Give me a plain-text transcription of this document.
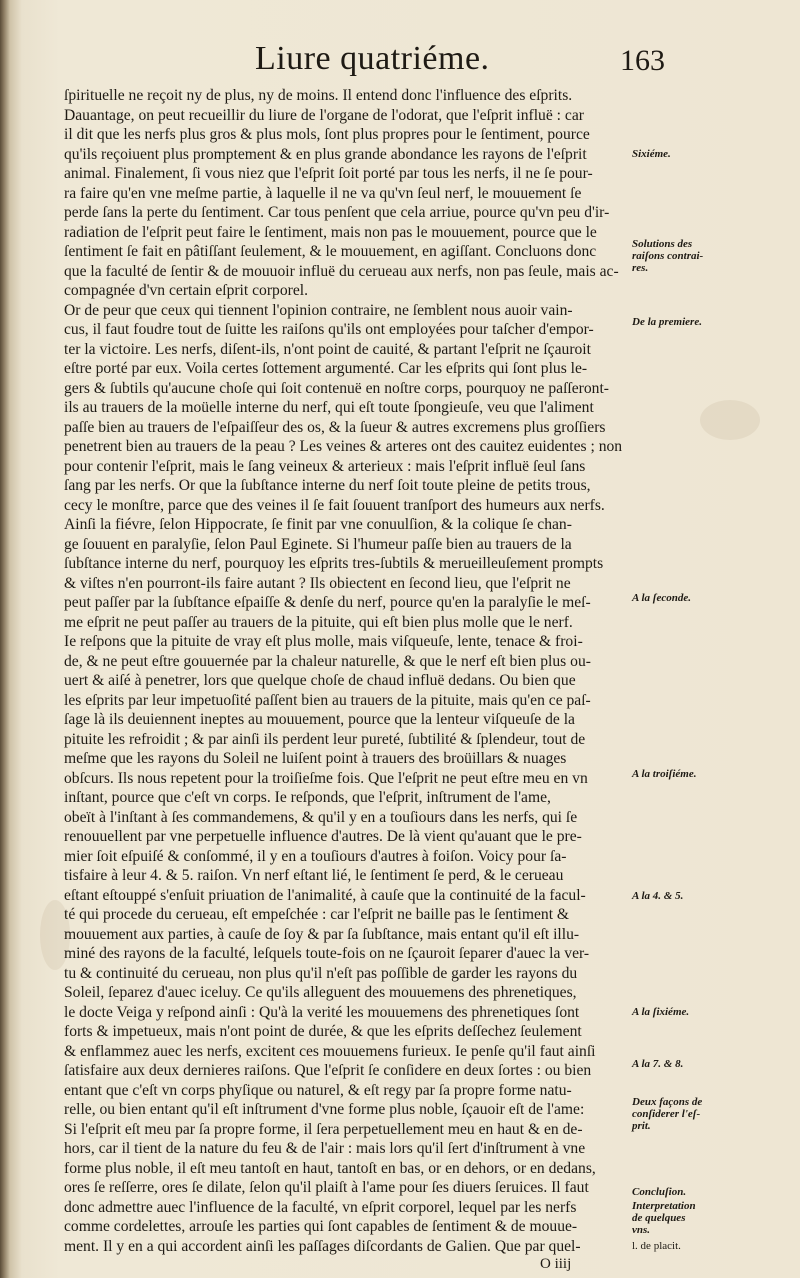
Liure quatriéme.	163
ſpirituelle ne reçoit ny de plus, ny de moins. Il entend donc l'influence des eſprits.
Dauantage, on peut recueillir du liure de l'organe de l'odorat, que l'eſprit influë : car
il dit que les nerfs plus gros & plus mols, ſont plus propres pour le ſentiment, pource
qu'ils reçoiuent plus promptement & en plus grande abondance les rayons de l'eſprit
animal. Finalement, ſi vous niez que l'eſprit ſoit porté par tous les nerfs, il ne ſe pour-
ra faire qu'en vne meſme partie, à laquelle il ne va qu'vn ſeul nerf, le mouuement ſe
perde ſans la perte du ſentiment. Car tous penſent que cela arriue, pource qu'vn peu d'ir-
radiation de l'eſprit peut faire le ſentiment, mais non pas le mouuement, pource que le
ſentiment ſe fait en pâtiſſant ſeulement, & le mouuement, en agiſſant. Concluons donc
que la faculté de ſentir & de mouuoir influë du cerueau aux nerfs, non pas ſeule, mais ac-
compagnée d'vn certain eſprit corporel.
Or de peur que ceux qui tiennent l'opinion contraire, ne ſemblent nous auoir vain-
cus, il faut foudre tout de ſuitte les raiſons qu'ils ont employées pour taſcher d'empor-
ter la victoire. Les nerfs, diſent-ils, n'ont point de cauité, & partant l'eſprit ne ſçauroit
eſtre porté par eux. Voila certes ſottement argumenté. Car les eſprits qui ſont plus le-
gers & ſubtils qu'aucune choſe qui ſoit contenuë en noſtre corps, pourquoy ne paſſeront-
ils au trauers de la moüelle interne du nerf, qui eſt toute ſpongieuſe, veu que l'aliment
paſſe bien au trauers de l'eſpaiſſeur des os, & la ſueur & autres excremens plus groſſiers
penetrent bien au trauers de la peau ? Les veines & arteres ont des cauitez euidentes ; non
pour contenir l'eſprit, mais le ſang veineux & arterieux : mais l'eſprit influë ſeul ſans
ſang par les nerfs. Or que la ſubſtance interne du nerf ſoit toute pleine de petits trous,
cecy le monſtre, parce que des veines il ſe fait ſouuent tranſport des humeurs aux nerfs.
Ainſi la fiévre, ſelon Hippocrate, ſe finit par vne conuulſion, & la colique ſe chan-
ge ſouuent en paralyſie, ſelon Paul Eginete. Si l'humeur paſſe bien au trauers de la
ſubſtance interne du nerf, pourquoy les eſprits tres-ſubtils & merueilleuſement prompts
& viſtes n'en pourront-ils faire autant ? Ils obiectent en ſecond lieu, que l'eſprit ne
peut paſſer par la ſubſtance eſpaiſſe & denſe du nerf, pource qu'en la paralyſie le meſ-
me eſprit ne peut paſſer au trauers de la pituite, qui eſt bien plus molle que le nerf.
Ie reſpons que la pituite de vray eſt plus molle, mais viſqueuſe, lente, tenace & froi-
de, & ne peut eſtre gouuernée par la chaleur naturelle, & que le nerf eſt bien plus ou-
uert & aiſé à penetrer, lors que quelque choſe de chaud influë dedans. Ou bien que
les eſprits par leur impetuoſité paſſent bien au trauers de la pituite, mais qu'en ce paſ-
ſage là ils deuiennent ineptes au mouuement, pource que la lenteur viſqueuſe de la
pituite les refroidit ; & par ainſi ils perdent leur pureté, ſubtilité & ſplendeur, tout de
meſme que les rayons du Soleil ne luiſent point à trauers des broüillars & nuages
obſcurs. Ils nous repetent pour la troiſieſme fois. Que l'eſprit ne peut eſtre meu en vn
inſtant, pource que c'eſt vn corps. Ie reſponds, que l'eſprit, inſtrument de l'ame,
obeït à l'inſtant à ſes commandemens, & qu'il y en a touſiours dans les nerfs, qui ſe
renouuellent par vne perpetuelle influence d'autres. De là vient qu'auant que le pre-
mier ſoit eſpuiſé & conſommé, il y en a touſiours d'autres à foiſon. Voicy pour ſa-
tisfaire à leur 4. & 5. raiſon. Vn nerf eſtant lié, le ſentiment ſe perd, & le cerueau
eſtant eſtouppé s'enſuit priuation de l'animalité, à cauſe que la continuité de la facul-
té qui procede du cerueau, eſt empeſchée : car l'eſprit ne baille pas le ſentiment &
mouuement aux parties, à cauſe de ſoy & par ſa ſubſtance, mais entant qu'il eſt illu-
miné des rayons de la faculté, leſquels toute-fois on ne ſçauroit ſeparer d'auec la ver-
tu & continuité du cerueau, non plus qu'il n'eſt pas poſſible de garder les rayons du
Soleil, ſeparez d'auec iceluy. Ce qu'ils alleguent des mouuemens des phrenetiques,
le docte Veiga y reſpond ainſi : Qu'à la verité les mouuemens des phrenetiques ſont
forts & impetueux, mais n'ont point de durée, & que les eſprits deſſechez ſeulement
& enflammez auec les nerfs, excitent ces mouuemens furieux. Ie penſe qu'il faut ainſi
ſatisfaire aux deux dernieres raiſons. Que l'eſprit ſe conſidere en deux ſortes : ou bien
entant que c'eſt vn corps phyſique ou naturel, & eſt regy par ſa propre forme natu-
relle, ou bien entant qu'il eſt inſtrument d'vne forme plus noble, ſçauoir eſt de l'ame:
Si l'eſprit eſt meu par ſa propre forme, il ſera perpetuellement meu en haut & en de-
hors, car il tient de la nature du feu & de l'air : mais lors qu'il ſert d'inſtrument à vne
forme plus noble, il eſt meu tantoſt en haut, tantoſt en bas, or en dehors, or en dedans,
ores ſe reſſerre, ores ſe dilate, ſelon qu'il plaiſt à l'ame pour ſes diuers ſeruices. Il faut
donc admettre auec l'influence de la faculté, vn eſprit corporel, lequel par les nerfs
comme cordelettes, arrouſe les parties qui ſont capables de ſentiment & de mouue-
ment. Il y en a qui accordent ainſi les paſſages diſcordants de Galien. Que par quel-
Sixiéme.
Solutions des
raiſons contrai-
res.
De la premiere.
A la ſeconde.
A la troiſiéme.
A la 4. & 5.
A la ſixiéme.
A la 7. & 8.
Deux façons de
conſiderer l'eſ-
prit.
Concluſion.
Interpretation
de quelques
vns.
l. de placit.
O iiij
